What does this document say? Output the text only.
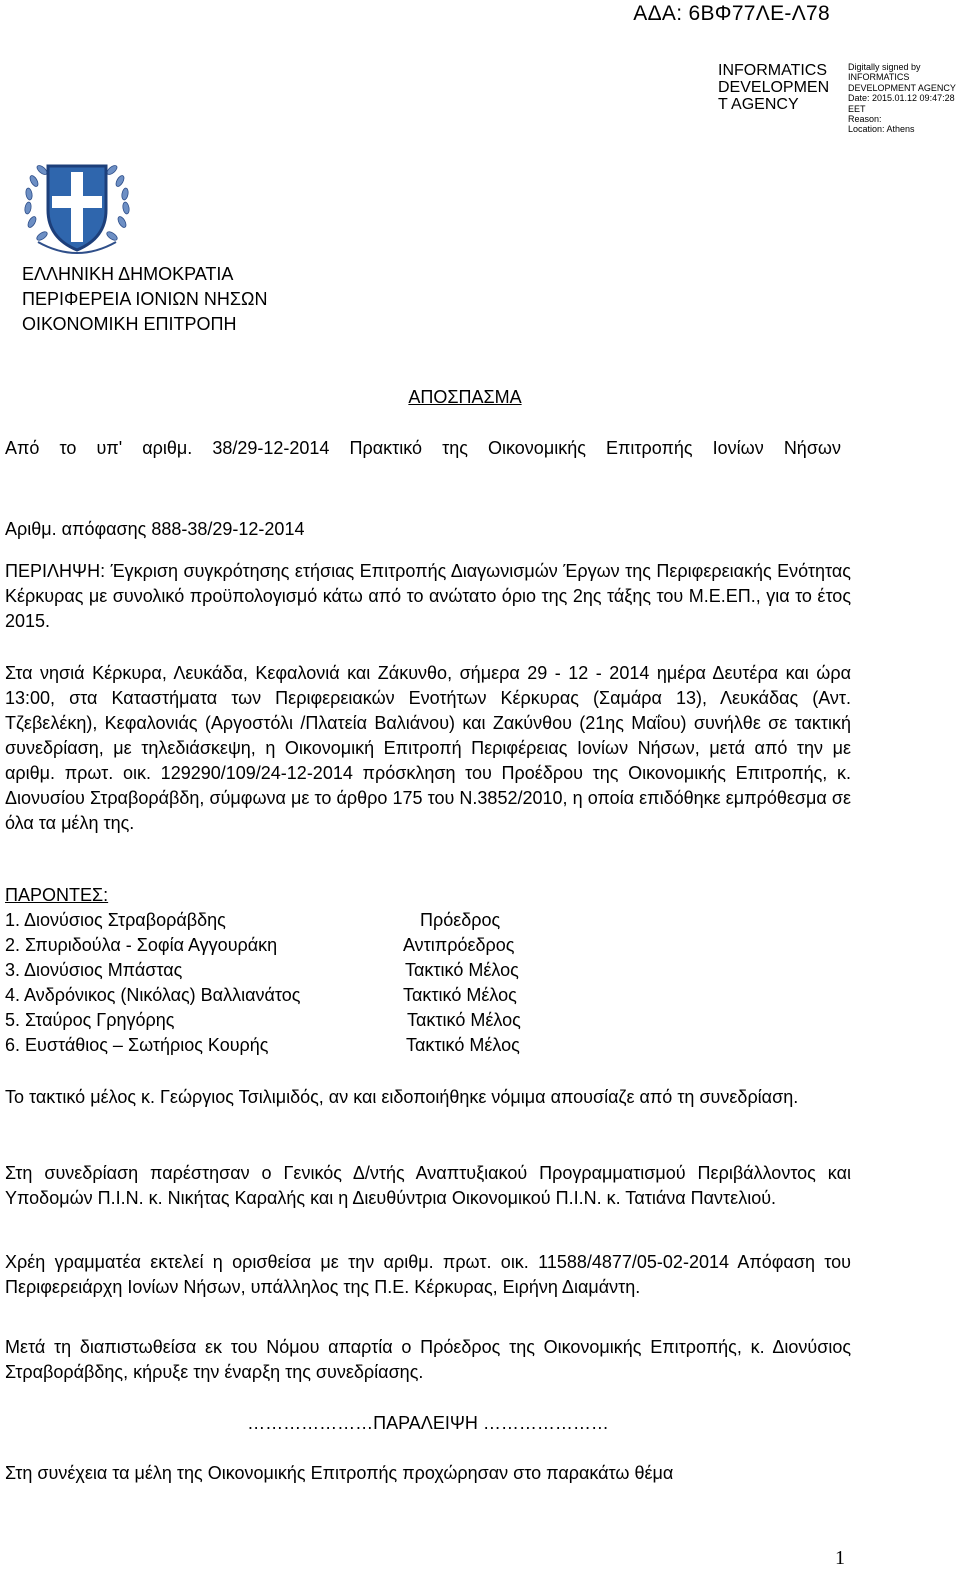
ΑΔΑ: 6ΒΦ77ΛΕ-Λ78
INFORMATICS
DEVELOPMEN
T AGENCY
Digitally signed by
INFORMATICS
DEVELOPMENT AGENCY
Date: 2015.01.12 09:47:28
EET
Reason:
Location: Athens
ΕΛΛΗΝΙΚΗ ΔΗΜΟΚΡΑΤΙΑ
ΠΕΡΙΦΕΡΕΙΑ ΙΟΝΙΩΝ ΝΗΣΩΝ
ΟΙΚΟΝΟΜΙΚΗ ΕΠΙΤΡΟΠΗ
ΑΠΟΣΠΑΣΜΑ
Από το υπ' αριθμ. 38/29-12-2014 Πρακτικό της Οικονομικής Επιτροπής Ιονίων Νήσων
Αριθμ. απόφασης 888-38/29-12-2014
ΠΕΡΙΛΗΨΗ: Έγκριση συγκρότησης ετήσιας Επιτροπής Διαγωνισμών Έργων της Περιφερειακής Ενότητας Κέρκυρας με συνολικό προϋπολογισμό κάτω από το ανώτατο όριο της 2ης τάξης του Μ.Ε.ΕΠ., για το έτος 2015.
Στα νησιά Κέρκυρα, Λευκάδα, Κεφαλονιά και Ζάκυνθο, σήμερα 29 - 12 - 2014 ημέρα Δευτέρα και ώρα 13:00, στα Καταστήματα των Περιφερειακών Ενοτήτων Κέρκυρας (Σαμάρα 13), Λευκάδας (Αντ. Τζεβελέκη), Κεφαλονιάς (Αργοστόλι /Πλατεία Βαλιάνου) και Ζακύνθου (21ης Μαΐου) συνήλθε σε τακτική συνεδρίαση, με τηλεδιάσκεψη, η Οικονομική Επιτροπή Περιφέρειας Ιονίων Νήσων, μετά από την με αριθμ. πρωτ. οικ. 129290/109/24-12-2014 πρόσκληση του Προέδρου της Οικονομικής Επιτροπής, κ. Διονυσίου Στραβοράβδη, σύμφωνα με το άρθρο 175 του Ν.3852/2010, η οποία επιδόθηκε εμπρόθεσμα σε όλα τα μέλη της.
ΠΑΡΟΝΤΕΣ:
1. Διονύσιος Στραβοράβδης	Πρόεδρος
2. Σπυριδούλα - Σοφία Αγγουράκη	Αντιπρόεδρος
3. Διονύσιος Μπάστας	Τακτικό Μέλος
4. Ανδρόνικος (Νικόλας) Βαλλιανάτος	Τακτικό Μέλος
5. Σταύρος Γρηγόρης	Τακτικό Μέλος
6. Ευστάθιος – Σωτήριος Κουρής	Τακτικό Μέλος
Το τακτικό μέλος κ. Γεώργιος Τσιλιμιδός, αν και ειδοποιήθηκε νόμιμα απουσίαζε από τη συνεδρίαση.
Στη συνεδρίαση παρέστησαν ο Γενικός Δ/ντής Αναπτυξιακού Προγραμματισμού Περιβάλλοντος και Υποδομών Π.Ι.Ν. κ. Νικήτας Καραλής και η Διευθύντρια Οικονομικού Π.Ι.Ν. κ. Τατιάνα Παντελιού.
Χρέη γραμματέα εκτελεί η ορισθείσα με την αριθμ. πρωτ. οικ. 11588/4877/05-02-2014 Απόφαση του Περιφερειάρχη Ιονίων Νήσων, υπάλληλος της Π.Ε. Κέρκυρας, Ειρήνη Διαμάντη.
Μετά τη διαπιστωθείσα εκ του Νόμου απαρτία ο Πρόεδρος της Οικονομικής Επιτροπής, κ. Διονύσιος Στραβοράβδης, κήρυξε την έναρξη της συνεδρίασης.
…………………ΠΑΡΑΛΕΙΨΗ …………………
Στη συνέχεια τα μέλη της Οικονομικής Επιτροπής προχώρησαν στο παρακάτω θέμα
1
